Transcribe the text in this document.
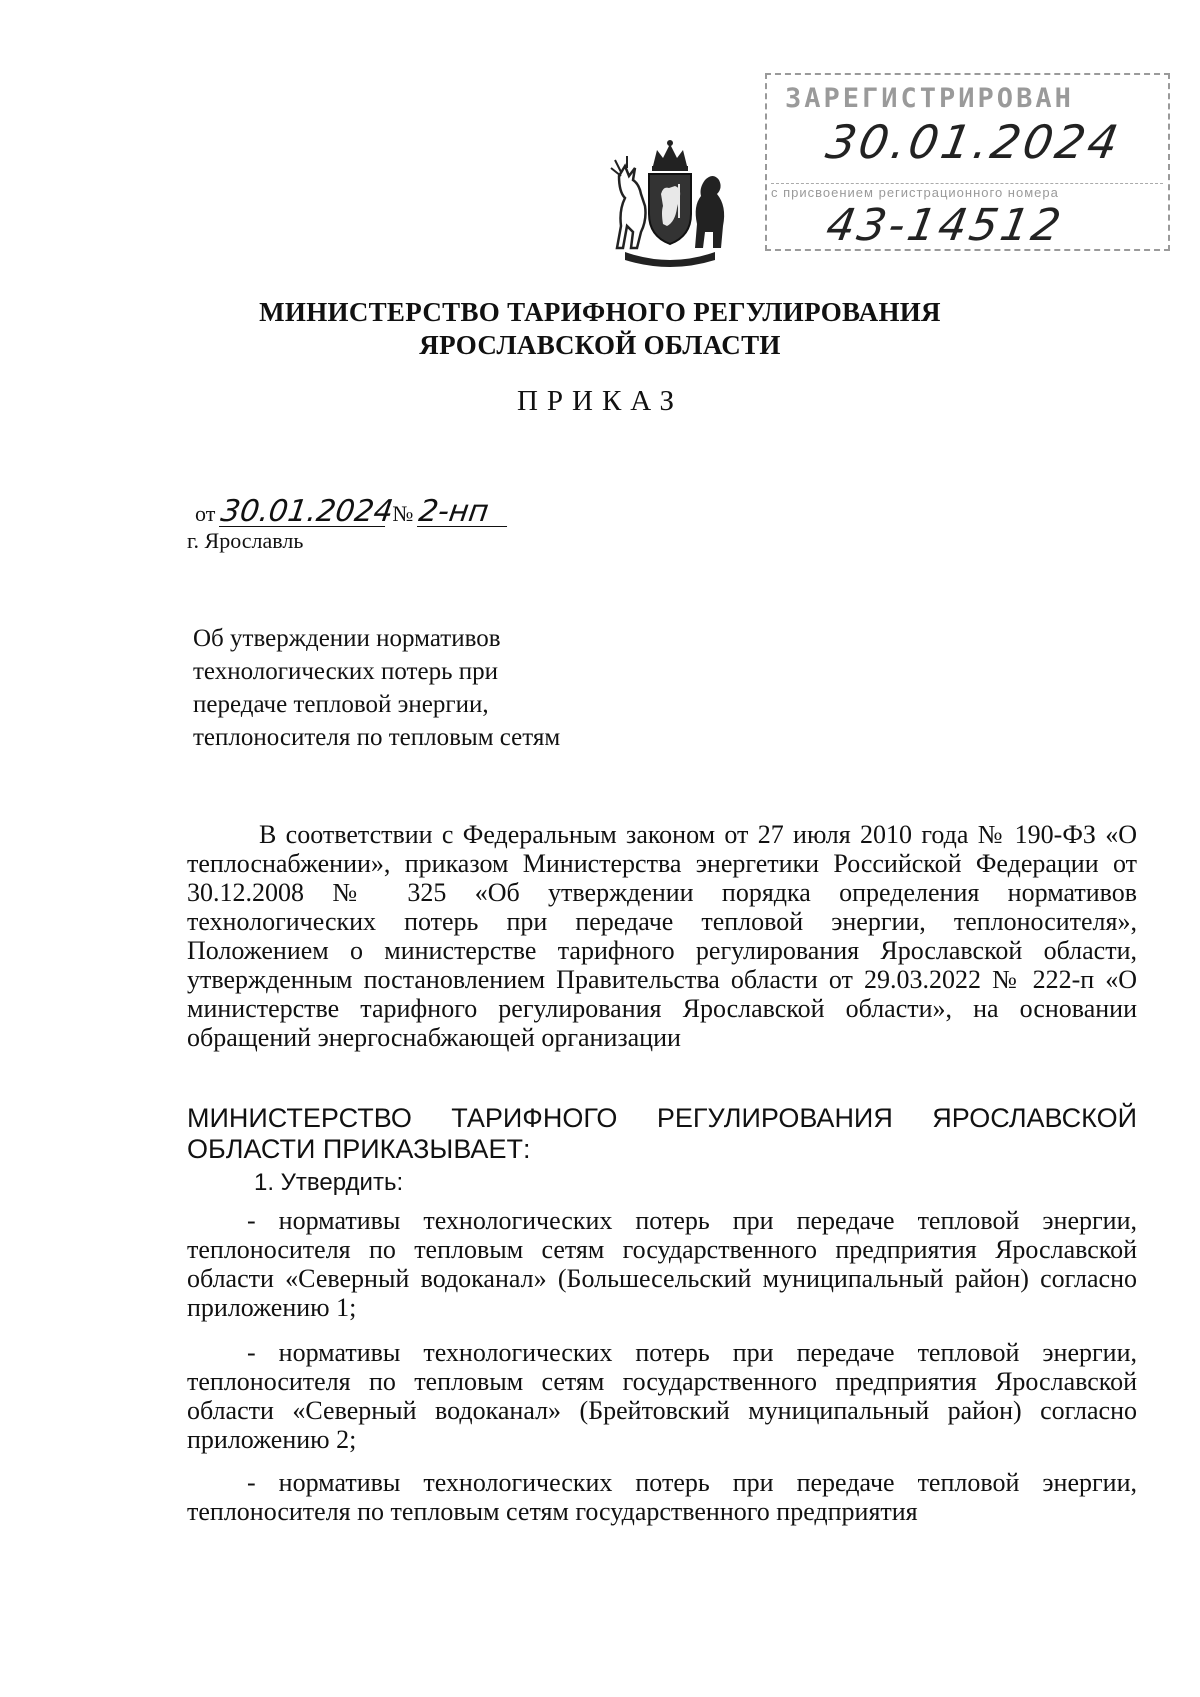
ЗАРЕГИСТРИРОВАН
30.01.2024
с присвоением регистрационного номера
43-14512
МИНИСТЕРСТВО ТАРИФНОГО РЕГУЛИРОВАНИЯ
ЯРОСЛАВСКОЙ ОБЛАСТИ
ПРИКАЗ
от 30.01.2024 № 2-нп
г. Ярославль
Об утверждении нормативов
технологических потерь при
передаче тепловой энергии,
теплоносителя по тепловым сетям
В соответствии с Федеральным законом от 27 июля 2010 года № 190-ФЗ «О теплоснабжении», приказом Министерства энергетики Российской Федерации от 30.12.2008 № 325 «Об утверждении порядка определения нормативов технологических потерь при передаче тепловой энергии, теплоносителя», Положением о министерстве тарифного регулирования Ярославской области, утвержденным постановлением Правительства области от 29.03.2022 № 222-п «О министерстве тарифного регулирования Ярославской области», на основании обращений энергоснабжающей организации
МИНИСТЕРСТВО ТАРИФНОГО РЕГУЛИРОВАНИЯ ЯРОСЛАВСКОЙ ОБЛАСТИ ПРИКАЗЫВАЕТ:
1. Утвердить:
- нормативы технологических потерь при передаче тепловой энергии, теплоносителя по тепловым сетям государственного предприятия Ярославской области «Северный водоканал» (Большесельский муниципальный район) согласно приложению 1;
- нормативы технологических потерь при передаче тепловой энергии, теплоносителя по тепловым сетям государственного предприятия Ярославской области «Северный водоканал» (Брейтовский муниципальный район) согласно приложению 2;
- нормативы технологических потерь при передаче тепловой энергии, теплоносителя по тепловым сетям государственного предприятия
